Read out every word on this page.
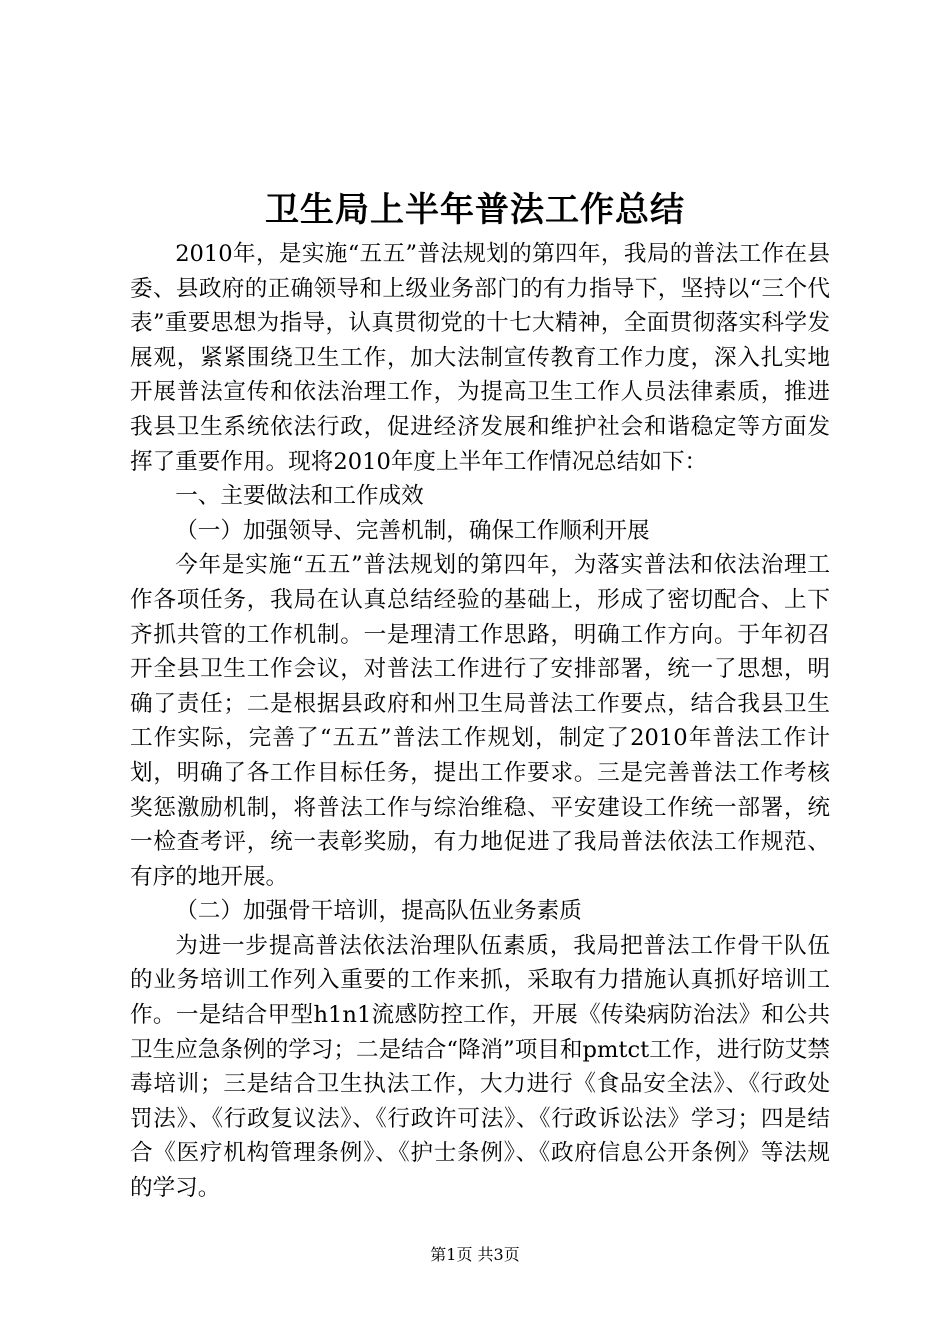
卫生局上半年普法工作总结

2010年，是实施“五五”普法规划的第四年，我局的普法工作在县委、县政府的正确领导和上级业务部门的有力指导下，坚持以“三个代表”重要思想为指导，认真贯彻党的十七大精神，全面贯彻落实科学发展观，紧紧围绕卫生工作，加大法制宣传教育工作力度，深入扎实地开展普法宣传和依法治理工作，为提高卫生工作人员法律素质，推进我县卫生系统依法行政，促进经济发展和维护社会和谐稳定等方面发挥了重要作用。现将2010年度上半年工作情况总结如下：

一、主要做法和工作成效

（一）加强领导、完善机制，确保工作顺利开展

今年是实施“五五”普法规划的第四年，为落实普法和依法治理工作各项任务，我局在认真总结经验的基础上，形成了密切配合、上下齐抓共管的工作机制。一是理清工作思路，明确工作方向。于年初召开全县卫生工作会议，对普法工作进行了安排部署，统一了思想，明确了责任；二是根据县政府和州卫生局普法工作要点，结合我县卫生工作实际，完善了“五五”普法工作规划，制定了2010年普法工作计划，明确了各工作目标任务，提出工作要求。三是完善普法工作考核奖惩激励机制，将普法工作与综治维稳、平安建设工作统一部署，统一检查考评，统一表彰奖励，有力地促进了我局普法依法工作规范、有序的地开展。

（二）加强骨干培训，提高队伍业务素质

为进一步提高普法依法治理队伍素质，我局把普法工作骨干队伍的业务培训工作列入重要的工作来抓，采取有力措施认真抓好培训工作。一是结合甲型h1n1流感防控工作，开展《传染病防治法》和公共卫生应急条例的学习；二是结合“降消”项目和pmtct工作，进行防艾禁毒培训；三是结合卫生执法工作，大力进行《食品安全法》、《行政处罚法》、《行政复议法》、《行政许可法》、《行政诉讼法》学习；四是结合《医疗机构管理条例》、《护士条例》、《政府信息公开条例》等法规的学习。

第1页 共3页
